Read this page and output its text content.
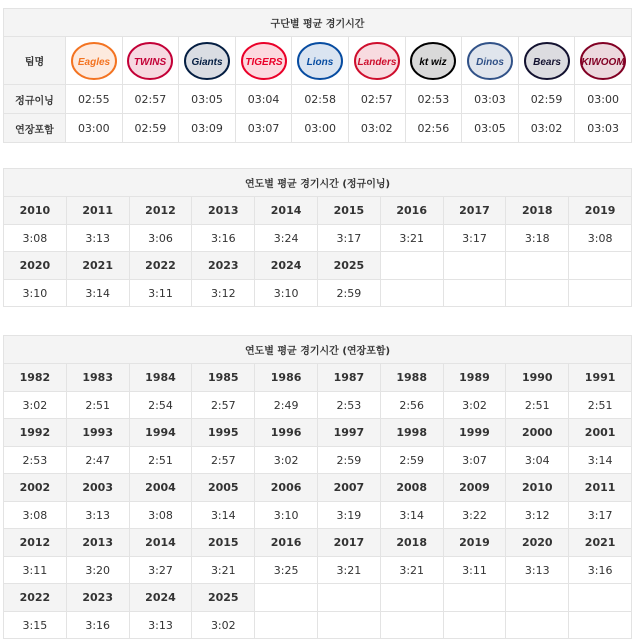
구단별 평균 경기시간										
팀명	Eagles	TWINS	Giants	TIGERS	Lions	Landers	kt wiz	Dinos	Bears	KIWOOM

정규이닝	02:55	02:57	03:05	03:04	02:58	02:57	02:53	03:03	02:59	03:00
연장포함	03:00	02:59	03:09	03:07	03:00	03:02	02:56	03:05	03:02	03:03
연도별 평균 경기시간 (정규이닝)									
2010	2011	2012	2013	2014	2015	2016	2017	2018	2019
3:08	3:13	3:06	3:16	3:24	3:17	3:21	3:17	3:18	3:08
2020	2021	2022	2023	2024	2025				
3:10	3:14	3:11	3:12	3:10	2:59				
연도별 평균 경기시간 (연장포함)									
1982	1983	1984	1985	1986	1987	1988	1989	1990	1991
3:02	2:51	2:54	2:57	2:49	2:53	2:56	3:02	2:51	2:51
1992	1993	1994	1995	1996	1997	1998	1999	2000	2001
2:53	2:47	2:51	2:57	3:02	2:59	2:59	3:07	3:04	3:14
2002	2003	2004	2005	2006	2007	2008	2009	2010	2011
3:08	3:13	3:08	3:14	3:10	3:19	3:14	3:22	3:12	3:17
2012	2013	2014	2015	2016	2017	2018	2019	2020	2021
3:11	3:20	3:27	3:21	3:25	3:21	3:21	3:11	3:13	3:16
2022	2023	2024	2025						
3:15	3:16	3:13	3:02						
